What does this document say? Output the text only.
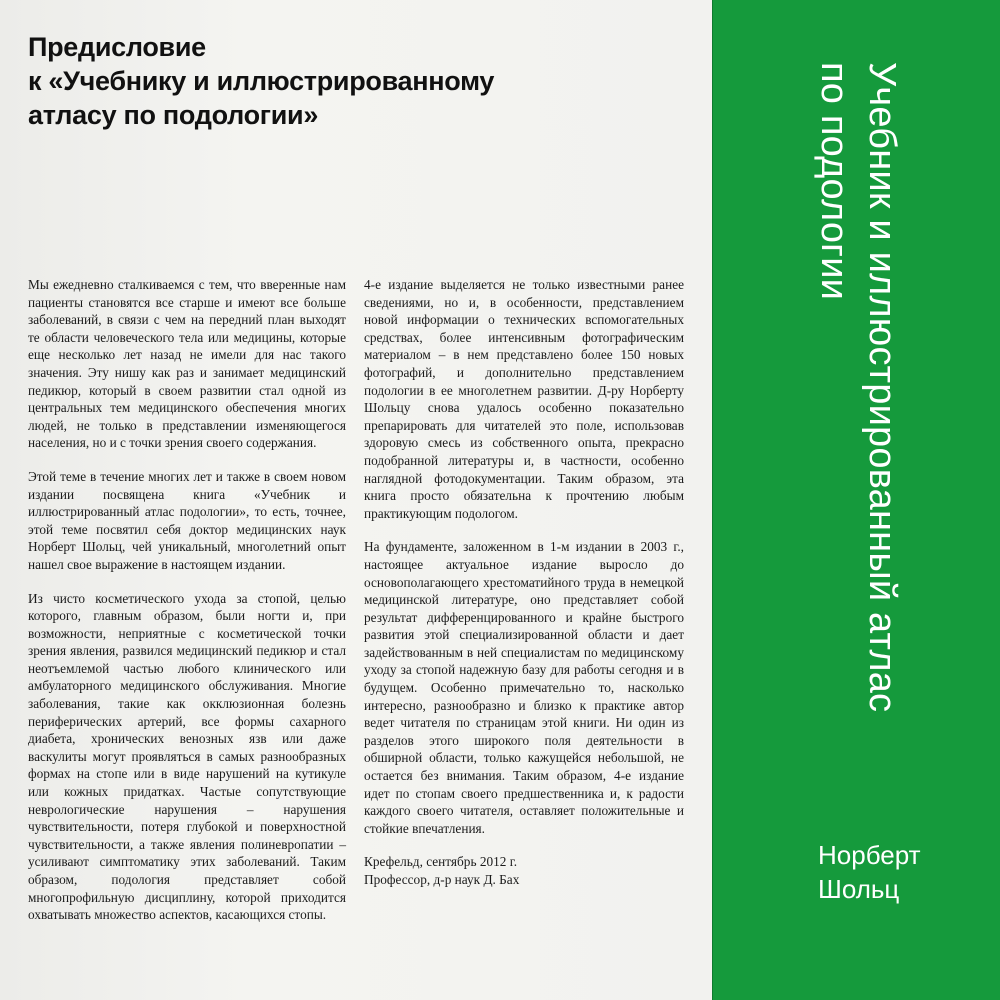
Предисловие
к «Учебнику и иллюстрированному
атласу по подологии»

Мы ежедневно сталкиваемся с тем, что вверенные нам пациенты становятся все старше и имеют все больше заболеваний, в связи с чем на передний план выходят те области человеческого тела или медицины, которые еще несколько лет назад не имели для нас такого значения. Эту нишу как раз и занимает медицинский педикюр, который в своем развитии стал одной из центральных тем медицинского обеспечения многих людей, не только в представлении изменяющегося населения, но и с точки зрения своего содержания.

Этой теме в течение многих лет и также в своем новом издании посвящена книга «Учебник и иллюстрированный атлас подологии», то есть, точнее, этой теме посвятил себя доктор медицинских наук Норберт Шольц, чей уникальный, многолетний опыт нашел свое выражение в настоящем издании.

Из чисто косметического ухода за стопой, целью которого, главным образом, были ногти и, при возможности, неприятные с косметической точки зрения явления, развился медицинский педикюр и стал неотъемлемой частью любого клинического или амбулаторного медицинского обслуживания. Многие заболевания, такие как окклюзионная болезнь периферических артерий, все формы сахарного диабета, хронических венозных язв или даже васкулиты могут проявляться в самых разнообразных формах на стопе или в виде нарушений на кутикуле или кожных придатках. Частые сопутствующие неврологические нарушения – нарушения чувствительности, потеря глубокой и поверхностной чувствительности, а также явления полиневропатии – усиливают симптоматику этих заболеваний. Таким образом, подология представляет собой многопрофильную дисциплину, которой приходится охватывать множество аспектов, касающихся стопы.

4-е издание выделяется не только известными ранее сведениями, но и, в особенности, представлением новой информации о технических вспомогательных средствах, более интенсивным фотографическим материалом – в нем представлено более 150 новых фотографий, и дополнительно представлением подологии в ее многолетнем развитии. Д-ру Норберту Шольцу снова удалось особенно показательно препарировать для читателей это поле, использовав здоровую смесь из собственного опыта, прекрасно подобранной литературы и, в частности, особенно наглядной фотодокументации. Таким образом, эта книга просто обязательна к прочтению любым практикующим подологом.

На фундаменте, заложенном в 1-м издании в 2003 г., настоящее актуальное издание выросло до основополагающего хрестоматийного труда в немецкой медицинской литературе, оно представляет собой результат дифференцированного и крайне быстрого развития этой специализированной области и дает задействованным в ней специалистам по медицинскому уходу за стопой надежную базу для работы сегодня и в будущем. Особенно примечательно то, насколько интересно, разнообразно и близко к практике автор ведет читателя по страницам этой книги. Ни один из разделов этого широкого поля деятельности в обширной области, только кажущейся небольшой, не остается без внимания. Таким образом, 4-е издание идет по стопам своего предшественника и, к радости каждого своего читателя, оставляет положительные и стойкие впечатления.

Крефельд, сентябрь 2012 г.
Профессор, д-р наук Д. Бах

Учебник и иллюстрированный атлас
по подологии
Норберт
Шольц
